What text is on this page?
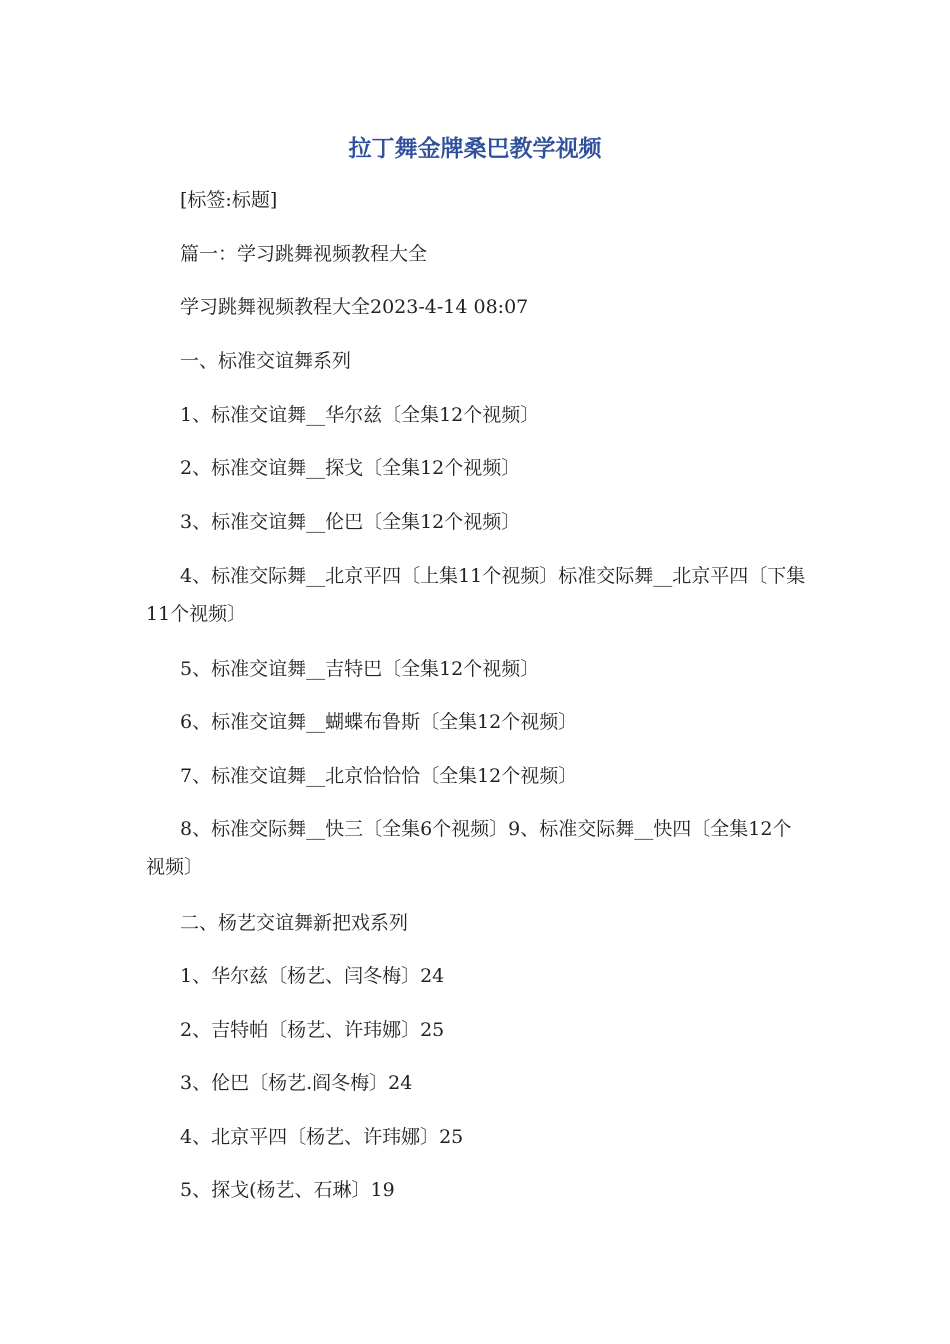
拉丁舞金牌桑巴教学视频

[标签:标题]

篇一：学习跳舞视频教程大全

学习跳舞视频教程大全2023-4-14 08:07

一、标准交谊舞系列

1、标准交谊舞__华尔兹〔全集12个视频〕

2、标准交谊舞__探戈〔全集12个视频〕

3、标准交谊舞__伦巴〔全集12个视频〕

4、标准交际舞__北京平四〔上集11个视频〕标准交际舞__北京平四〔下集11个视频〕

5、标准交谊舞__吉特巴〔全集12个视频〕

6、标准交谊舞__蝴蝶布鲁斯〔全集12个视频〕

7、标准交谊舞__北京恰恰恰〔全集12个视频〕

8、标准交际舞__快三〔全集6个视频〕9、标准交际舞__快四〔全集12个视频〕

二、杨艺交谊舞新把戏系列

1、华尔兹〔杨艺、闫冬梅〕24

2、吉特帕〔杨艺、许玮娜〕25

3、伦巴〔杨艺.阎冬梅〕24

4、北京平四〔杨艺、许玮娜〕25

5、探戈(杨艺、石琳〕19
